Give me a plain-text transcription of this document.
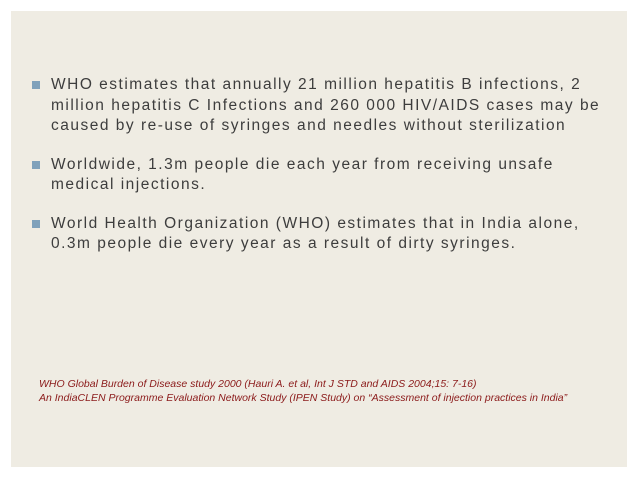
WHO estimates that annually 21 million hepatitis B infections, 2 million hepatitis C Infections and 260 000 HIV/AIDS cases may be caused by re-use of syringes and needles without sterilization
Worldwide, 1.3m people die each year from receiving unsafe medical injections.
World Health Organization (WHO) estimates that in India alone, 0.3m people die every year as a result of dirty syringes.
WHO Global Burden of Disease study 2000 (Hauri A. et al, Int J STD and AIDS 2004;15: 7-16)
An IndiaCLEN Programme Evaluation Network Study (IPEN Study) on “Assessment of injection practices in India”
